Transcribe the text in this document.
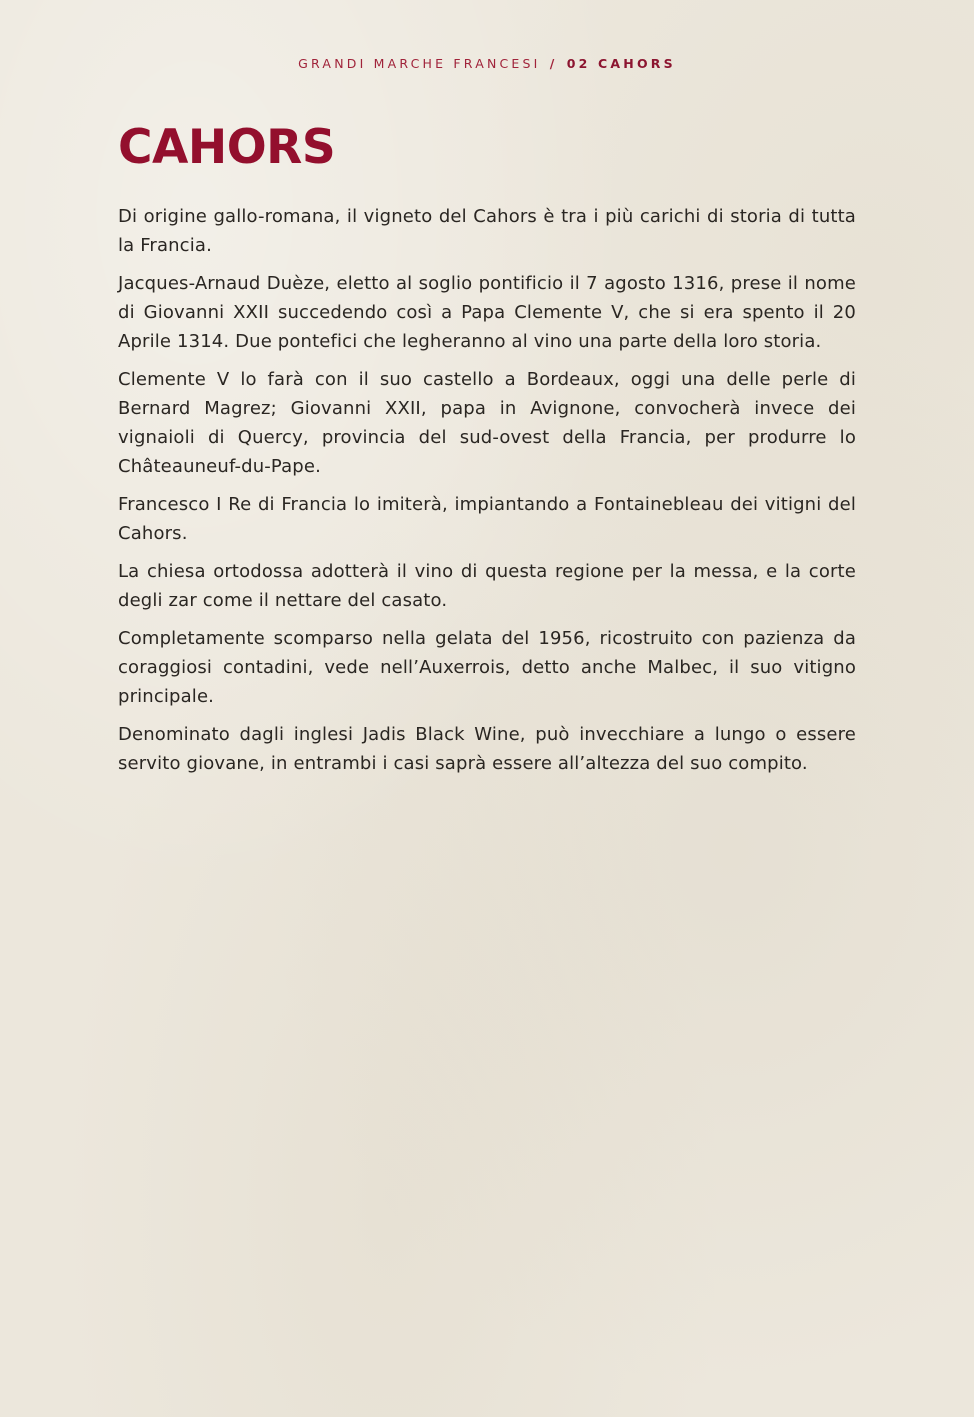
GRANDI MARCHE FRANCESI / 02 CAHORS
CAHORS

Di origine gallo-romana, il vigneto del Cahors è tra i più carichi di storia di tutta la Francia.

Jacques-Arnaud Duèze, eletto al soglio pontificio il 7 agosto 1316, prese il nome di Giovanni XXII succedendo così a Papa Clemente V, che si era spento il 20 Aprile 1314. Due pontefici che legheranno al vino una parte della loro storia.

Clemente V lo farà con il suo castello a Bordeaux, oggi una delle perle di Bernard Magrez; Giovanni XXII, papa in Avignone, convocherà invece dei vignaioli di Quercy, provincia del sud-ovest della Francia, per produrre lo Châteauneuf-du-Pape.

Francesco I Re di Francia lo imiterà, impiantando a Fontainebleau dei vitigni del Cahors.

La chiesa ortodossa adotterà il vino di questa regione per la messa, e la corte degli zar come il nettare del casato.

Completamente scomparso nella gelata del 1956, ricostruito con pazienza da coraggiosi contadini, vede nell’Auxerrois, detto anche Malbec, il suo vitigno principale.

Denominato dagli inglesi Jadis Black Wine, può invecchiare a lungo o essere servito giovane, in entrambi i casi saprà essere all’altezza del suo compito.
